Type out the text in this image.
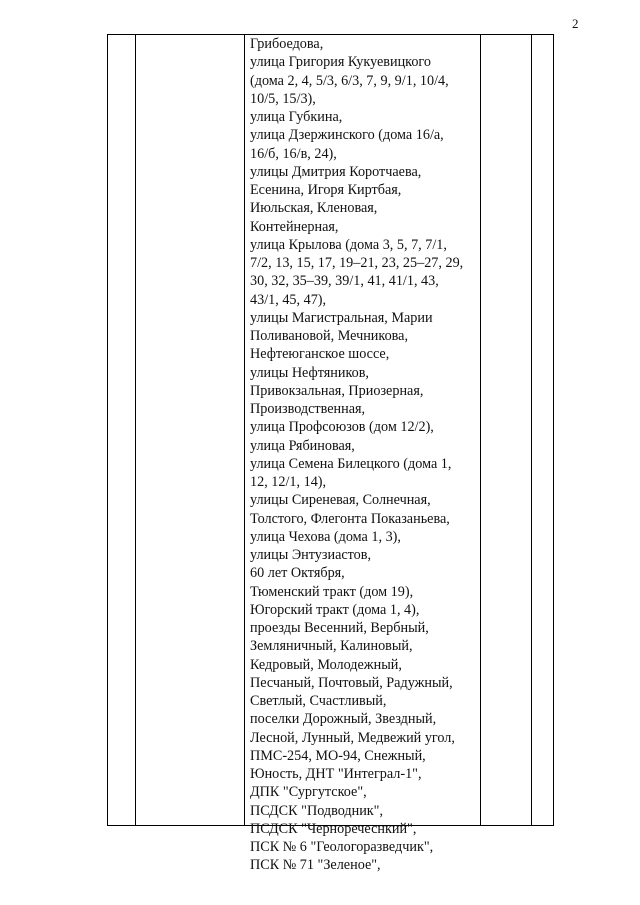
2
Грибоедова,
улица Григория Кукуевицкого
(дома 2, 4, 5/3, 6/3, 7, 9, 9/1, 10/4,
10/5, 15/3),
улица Губкина,
улица Дзержинского (дома 16/а,
16/б, 16/в, 24),
улицы Дмитрия Коротчаева,
Есенина, Игоря Киртбая,
Июльская, Кленовая,
Контейнерная,
улица Крылова (дома 3, 5, 7, 7/1,
7/2, 13, 15, 17, 19–21, 23, 25–27, 29,
30, 32, 35–39, 39/1, 41, 41/1, 43,
43/1, 45, 47),
улицы Магистральная, Марии
Поливановой, Мечникова,
Нефтеюганское шоссе,
улицы Нефтяников,
Привокзальная, Приозерная,
Производственная,
улица Профсоюзов (дом 12/2),
улица Рябиновая,
улица Семена Билецкого (дома 1,
12, 12/1, 14),
улицы Сиреневая, Солнечная,
Толстого, Флегонта Показаньева,
улица Чехова (дома 1, 3),
улицы Энтузиастов,
60 лет Октября,
Тюменский тракт (дом 19),
Югорский тракт (дома 1, 4),
проезды Весенний, Вербный,
Земляничный, Калиновый,
Кедровый, Молодежный,
Песчаный, Почтовый, Радужный,
Светлый, Счастливый,
поселки Дорожный, Звездный,
Лесной, Лунный, Медвежий угол,
ПМС-254, МО-94, Снежный,
Юность, ДНТ "Интеграл-1",
ДПК "Сургутское",
ПСДСК "Подводник",
ПСДСК "Черноречеснкий",
ПСК № 6 "Геологоразведчик",
ПСК № 71 "Зеленое",
